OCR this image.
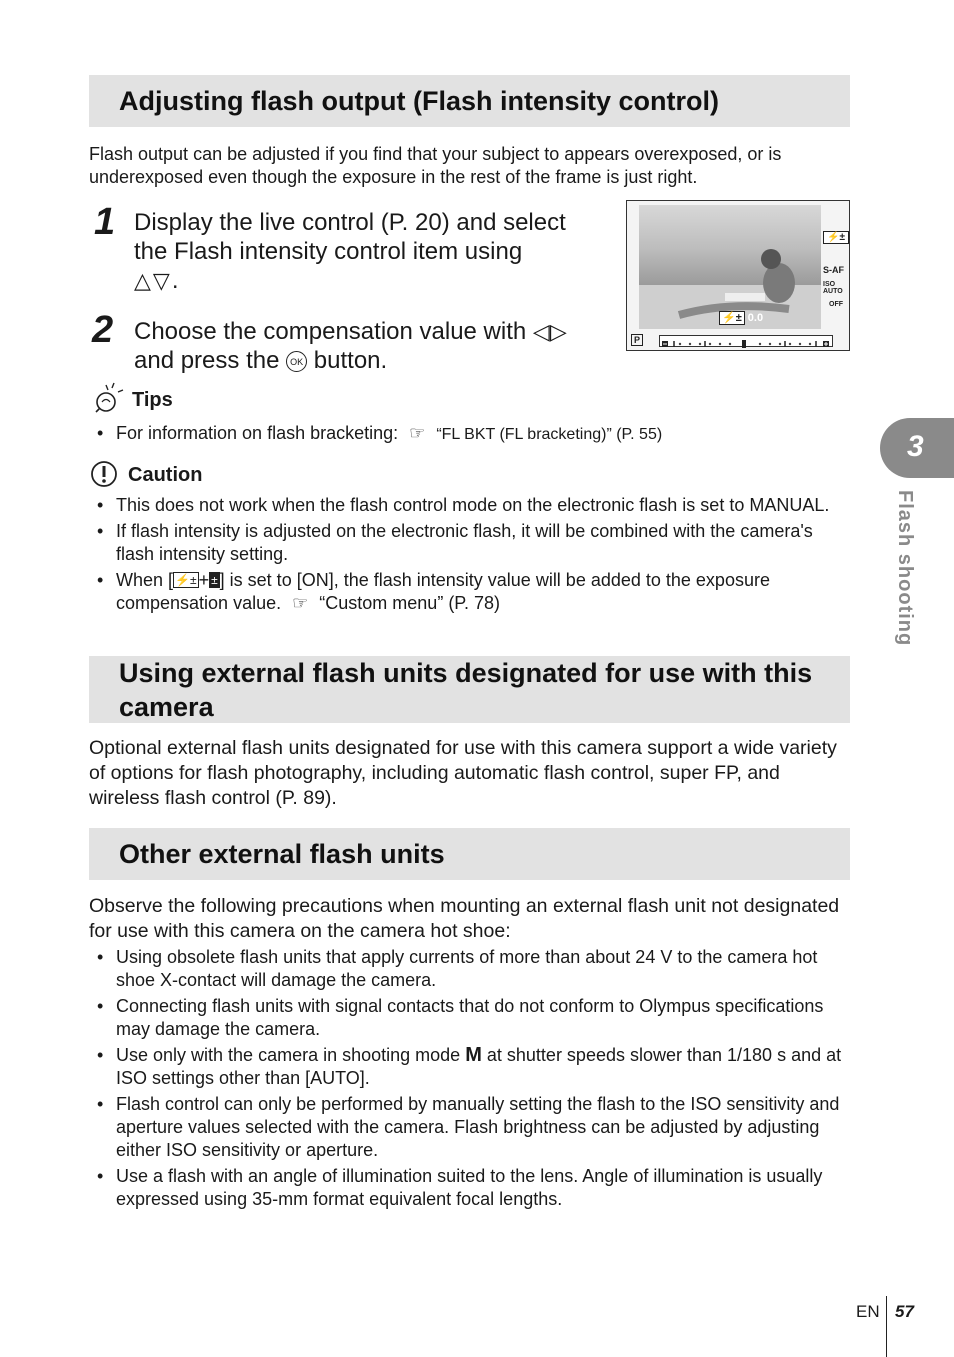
Adjusting flash output (Flash intensity control)

Flash output can be adjusted if you find that your subject to appears overexposed, or is underexposed even though the exposure in the rest of the frame is just right.

1 Display the live control (P. 20) and select
the Flash intensity control item using
△▽.
2 Choose the compensation value with ◁▷
and press the OK button.
⚡±
S-AF
ISO AUTO
OFF
⚡± 0.0
P
Tips
• For information on flash bracketing: ☞ “FL BKT (FL bracketing)” (P. 55)
Caution
• This does not work when the flash control mode on the electronic flash is set to MANUAL.
• If flash intensity is adjusted on the electronic flash, it will be combined with the camera's flash intensity setting.
• When [ ⚡± + ± ] is set to [ON], the flash intensity value will be added to the exposure compensation value. ☞ “Custom menu” (P. 78)
Using external flash units designated for use with this camera

Optional external flash units designated for use with this camera support a wide variety of options for flash photography, including automatic flash control, super FP, and wireless flash control (P. 89).

Other external flash units

Observe the following precautions when mounting an external flash unit not designated for use with this camera on the camera hot shoe:

• Using obsolete flash units that apply currents of more than about 24 V to the camera hot shoe X-contact will damage the camera.
• Connecting flash units with signal contacts that do not conform to Olympus specifications may damage the camera.
• Use only with the camera in shooting mode M at shutter speeds slower than 1/180 s and at ISO settings other than [AUTO].
• Flash control can only be performed by manually setting the flash to the ISO sensitivity and aperture values selected with the camera. Flash brightness can be adjusted by adjusting either ISO sensitivity or aperture.
• Use a flash with an angle of illumination suited to the lens. Angle of illumination is usually expressed using 35-mm format equivalent focal lengths.
3
Flash shooting
EN 57
